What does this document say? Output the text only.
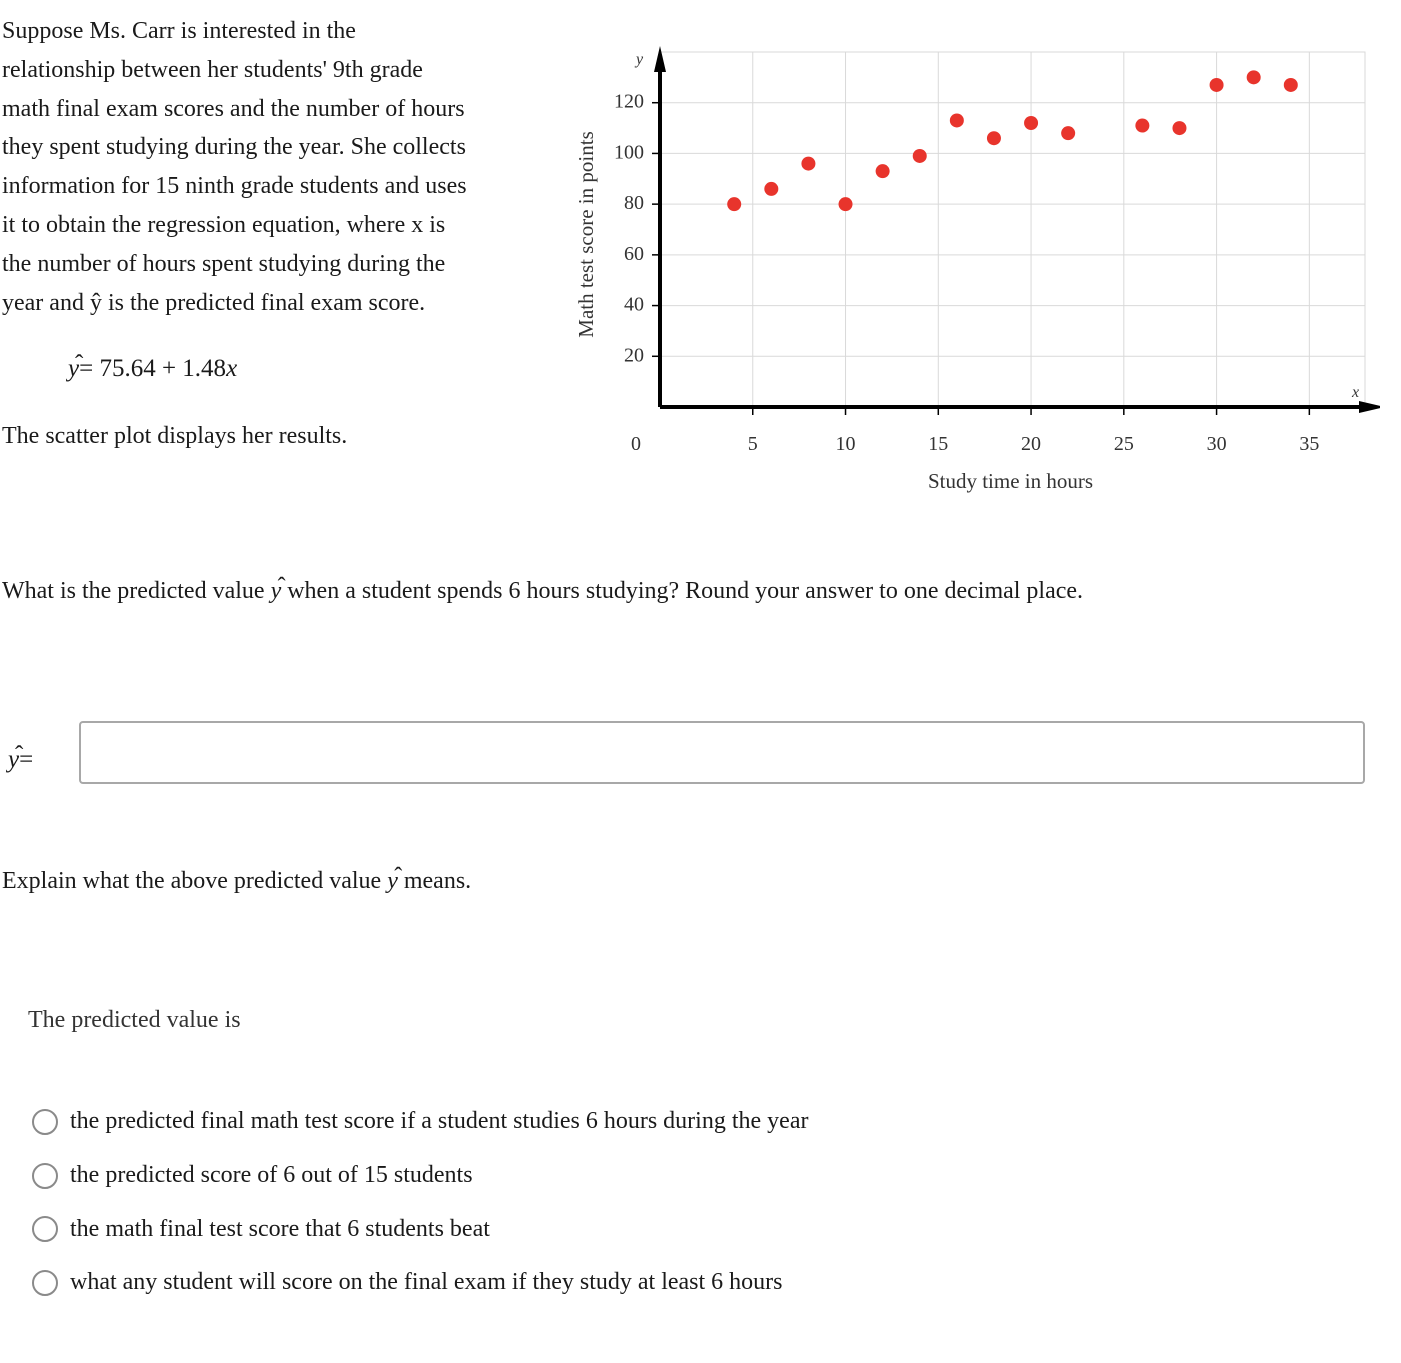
Suppose Ms. Carr is interested in the

relationship between her students' 9th grade

math final exam scores and the number of hours

they spent studying during the year. She collects

information for 15 ninth grade students and uses

it to obtain the regression equation, where x is

the number of hours spent studying during the

year and ŷ is the predicted final exam score.

y ˆ= 75.64 + 1.48x
The scatter plot displays her results.
x
y
0	5	10	15	20	25	30	35
20
40
60
80
100
120
Study time in hours
Math test score in points
What is the predicted value y ˆ when a student spends 6 hours studying? Round your answer to one decimal place.
y ˆ=
Explain what the above predicted value y ˆ means.
The predicted value is
the predicted final math test score if a student studies 6 hours during the year
the predicted score of 6 out of 15 students
the math final test score that 6 students beat
what any student will score on the final exam if they study at least 6 hours
